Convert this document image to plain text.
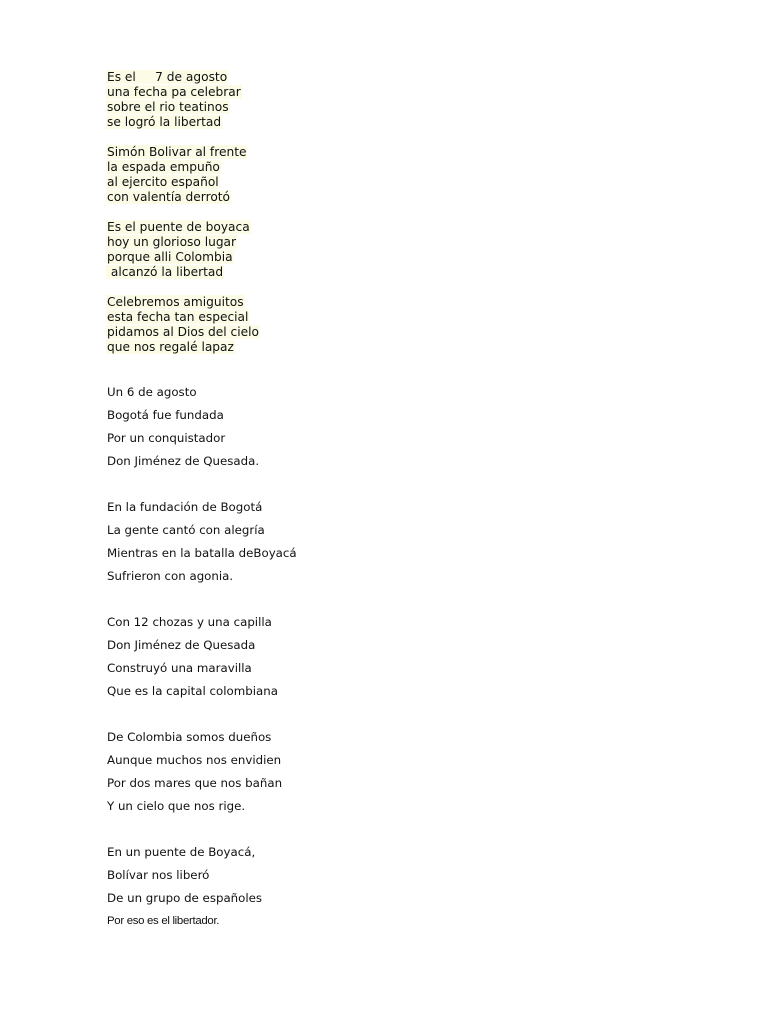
Es el     7 de agosto
una fecha pa celebrar
sobre el rio teatinos
se logró la libertad
Simón Bolivar al frente
la espada empuño
al ejercito español
con valentía derrotó
Es el puente de boyaca
hoy un glorioso lugar
porque alli Colombia
alcanzó la libertad
Celebremos amiguitos
esta fecha tan especial
pidamos al Dios del cielo
que nos regalé lapaz
Un 6 de agosto
Bogotá fue fundada
Por un conquistador
Don Jiménez de Quesada.
En la fundación de Bogotá
La gente cantó con alegría
Mientras en la batalla deBoyacá
Sufrieron con agonia.
Con 12 chozas y una capilla
Don Jiménez de Quesada
Construyó una maravilla
Que es la capital colombiana
De Colombia somos dueños
Aunque muchos nos envidien
Por dos mares que nos bañan
Y un cielo que nos rige.
En un puente de Boyacá,
Bolívar nos liberó
De un grupo de españoles
Por eso es el libertador.
